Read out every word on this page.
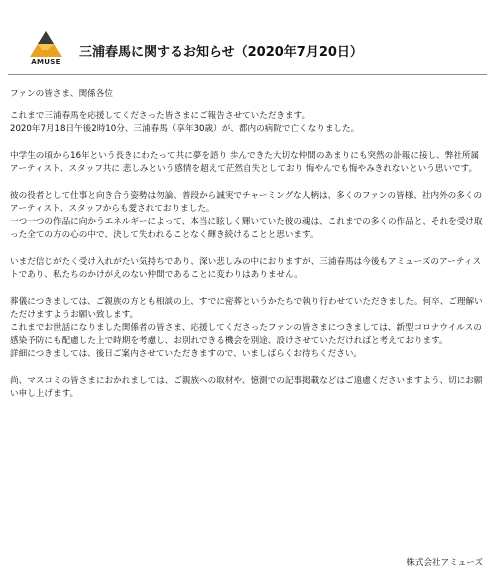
AMUSE
三浦春馬に関するお知らせ（2020年7月20日）

ファンの皆さま、関係各位

これまで三浦春馬を応援してくださった皆さまにご報告させていただきます。

2020年7月18日午後2時10分、三浦春馬（享年30歳）が、都内の病院で亡くなりました。

中学生の頃から16年という長きにわたって共に夢を語り 歩んできた大切な仲間のあまりにも突然の訃報に接し、弊社所属アーティスト、スタッフ共に 悲しみという感情を超えて茫然自失としており 悔やんでも悔やみきれないという思いです。

彼の役者として仕事と向き合う姿勢は勿論、普段から誠実でチャーミングな人柄は、多くのファンの皆様、社内外の多くのアーティスト、スタッフからも愛されておりました。

一つ一つの作品に向かうエネルギーによって、本当に眩しく輝いていた彼の魂は、これまでの多くの作品と、それを受け取った全ての方の心の中で、決して失われることなく輝き続けることと思います。

いまだ信じがたく受け入れがたい気持ちであり、深い悲しみの中におりますが、三浦春馬は今後もアミューズのアーティストであり、私たちのかけがえのない仲間であることに変わりはありません。

葬儀につきましては、ご親族の方とも相談の上、すでに密葬というかたちで執り行わせていただきました。何卒、ご理解いただけますようお願い致します。

これまでお世話になりました関係者の皆さま、応援してくださったファンの皆さまにつきましては、新型コロナウイルスの感染予防にも配慮した上で時期を考慮し、お別れできる機会を別途、設けさせていただければと考えております。

詳細につきましては、後日ご案内させていただきますので、いましばらくお待ちください。

尚、マスコミの皆さまにおかれましては、ご親族への取材や、憶測での記事掲載などはご遠慮くださいますよう、切にお願い申し上げます。

株式会社アミューズ
